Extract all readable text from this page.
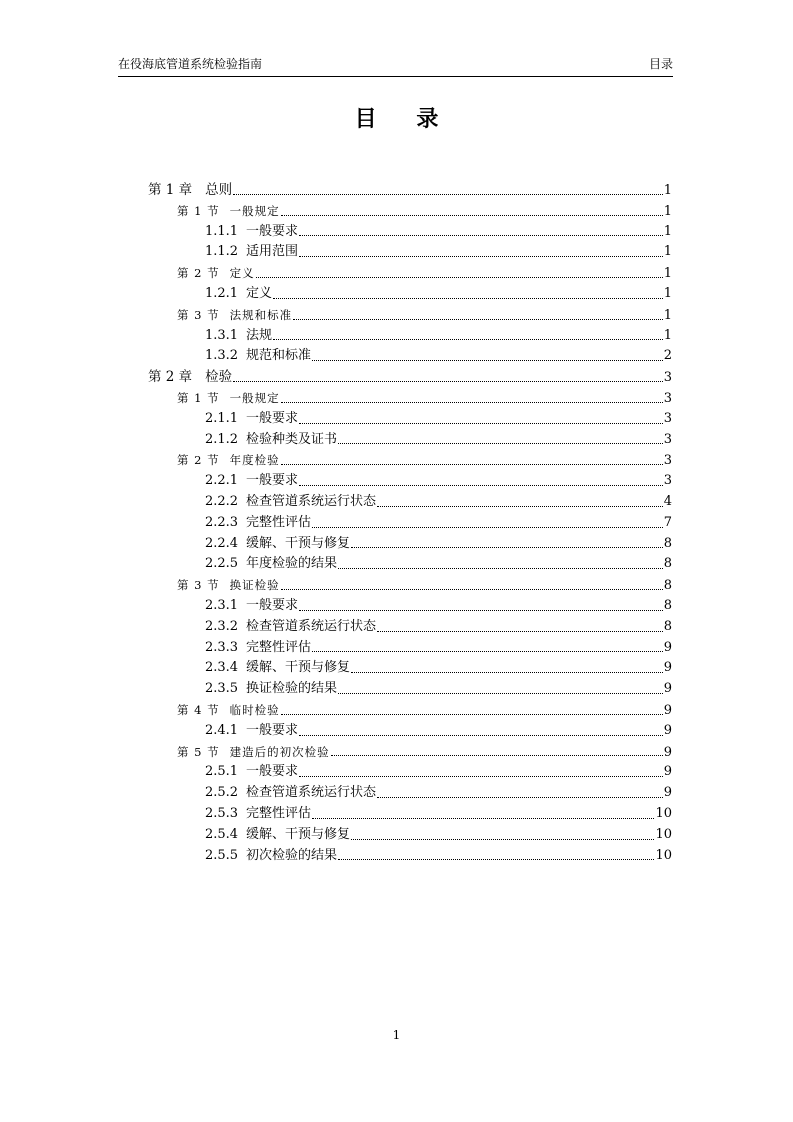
在役海底管道系统检验指南	目录
目 录
第 1 章 总则	1
第 1 节 一般规定	1
1.1.1 一般要求	1
1.1.2 适用范围	1
第 2 节 定义	1
1.2.1 定义	1
第 3 节 法规和标准	1
1.3.1 法规	1
1.3.2 规范和标准	2
第 2 章 检验	3
第 1 节 一般规定	3
2.1.1 一般要求	3
2.1.2 检验种类及证书	3
第 2 节 年度检验	3
2.2.1 一般要求	3
2.2.2 检查管道系统运行状态	4
2.2.3 完整性评估	7
2.2.4 缓解、干预与修复	8
2.2.5 年度检验的结果	8
第 3 节 换证检验	8
2.3.1 一般要求	8
2.3.2 检查管道系统运行状态	8
2.3.3 完整性评估	9
2.3.4 缓解、干预与修复	9
2.3.5 换证检验的结果	9
第 4 节 临时检验	9
2.4.1 一般要求	9
第 5 节 建造后的初次检验	9
2.5.1 一般要求	9
2.5.2 检查管道系统运行状态	9
2.5.3 完整性评估	10
2.5.4 缓解、干预与修复	10
2.5.5 初次检验的结果	10
1
